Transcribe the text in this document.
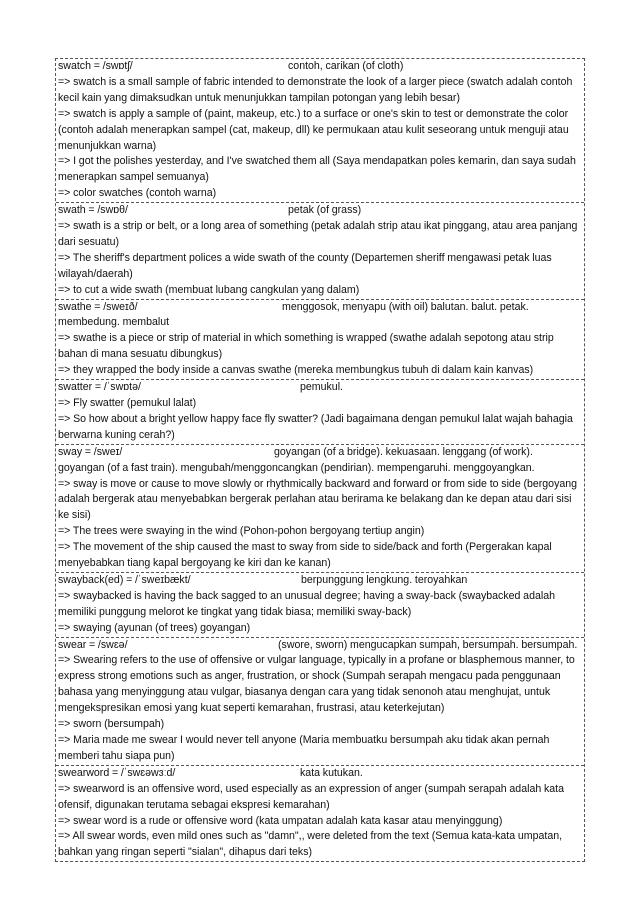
swatch = /swɒtʃ/	contoh, carikan (of cloth)
=> swatch is a small sample of fabric intended to demonstrate the look of a larger piece (swatch adalah contoh kecil kain yang dimaksudkan untuk menunjukkan tampilan potongan yang lebih besar)
=> swatch is apply a sample of (paint, makeup, etc.) to a surface or one's skin to test or demonstrate the color (contoh adalah menerapkan sampel (cat, makeup, dll) ke permukaan atau kulit seseorang untuk menguji atau menunjukkan warna)
=> I got the polishes yesterday, and I've swatched them all (Saya mendapatkan poles kemarin, dan saya sudah menerapkan sampel semuanya)
=> color swatches (contoh warna)
swath = /swɒθ/	petak (of grass)
=> swath is a strip or belt, or a long area of something (petak adalah strip atau ikat pinggang, atau area panjang dari sesuatu)
=> The sheriff's department polices a wide swath of the county (Departemen sheriff mengawasi petak luas wilayah/daerah)
=> to cut a wide swath (membuat lubang cangkulan yang dalam)
swathe = /sweɪð/	menggosok, menyapu (with oil) balutan. balut. petak. membedung. membalut
=> swathe is a piece or strip of material in which something is wrapped (swathe adalah sepotong atau strip bahan di mana sesuatu dibungkus)
=> they wrapped the body inside a canvas swathe (mereka membungkus tubuh di dalam kain kanvas)
swatter = /ˈswɒtə/	pemukul.
=> Fly swatter (pemukul lalat)
=> So how about a bright yellow happy face fly swatter? (Jadi bagaimana dengan pemukul lalat wajah bahagia berwarna kuning cerah?)
sway = /sweɪ/	goyangan (of a bridge). kekuasaan. lenggang (of work). goyangan (of a fast train). mengubah/menggoncangkan (pendirian). mempengaruhi. menggoyangkan.
=> sway is move or cause to move slowly or rhythmically backward and forward or from side to side (bergoyang adalah bergerak atau menyebabkan bergerak perlahan atau berirama ke belakang dan ke depan atau dari sisi ke sisi)
=> The trees were swaying in the wind (Pohon-pohon bergoyang tertiup angin)
=> The movement of the ship caused the mast to sway from side to side/back and forth (Pergerakan kapal menyebabkan tiang kapal bergoyang ke kiri dan ke kanan)
swayback(ed) = /ˈsweɪbækt/	berpunggung lengkung. teroyahkan
=> swaybacked is having the back sagged to an unusual degree; having a sway-back (swaybacked adalah memiliki punggung melorot ke tingkat yang tidak biasa; memiliki sway-back)
=> swaying (ayunan (of trees) goyangan)
swear = /swɛə/	(swore, sworn) mengucapkan sumpah, bersumpah. bersumpah.
=> Swearing refers to the use of offensive or vulgar language, typically in a profane or blasphemous manner, to express strong emotions such as anger, frustration, or shock (Sumpah serapah mengacu pada penggunaan bahasa yang menyinggung atau vulgar, biasanya dengan cara yang tidak senonoh atau menghujat, untuk mengekspresikan emosi yang kuat seperti kemarahan, frustrasi, atau keterkejutan)
=> sworn (bersumpah)
=> Maria made me swear I would never tell anyone (Maria membuatku bersumpah aku tidak akan pernah memberi tahu siapa pun)
swearword = /ˈswɛəwɜːd/	kata kutukan.
=> swearword is an offensive word, used especially as an expression of anger (sumpah serapah adalah kata ofensif, digunakan terutama sebagai ekspresi kemarahan)
=> swear word is a rude or offensive word (kata umpatan adalah kata kasar atau menyinggung)
=> All swear words, even mild ones such as "damn",, were deleted from the text (Semua kata-kata umpatan, bahkan yang ringan seperti "sialan", dihapus dari teks)
